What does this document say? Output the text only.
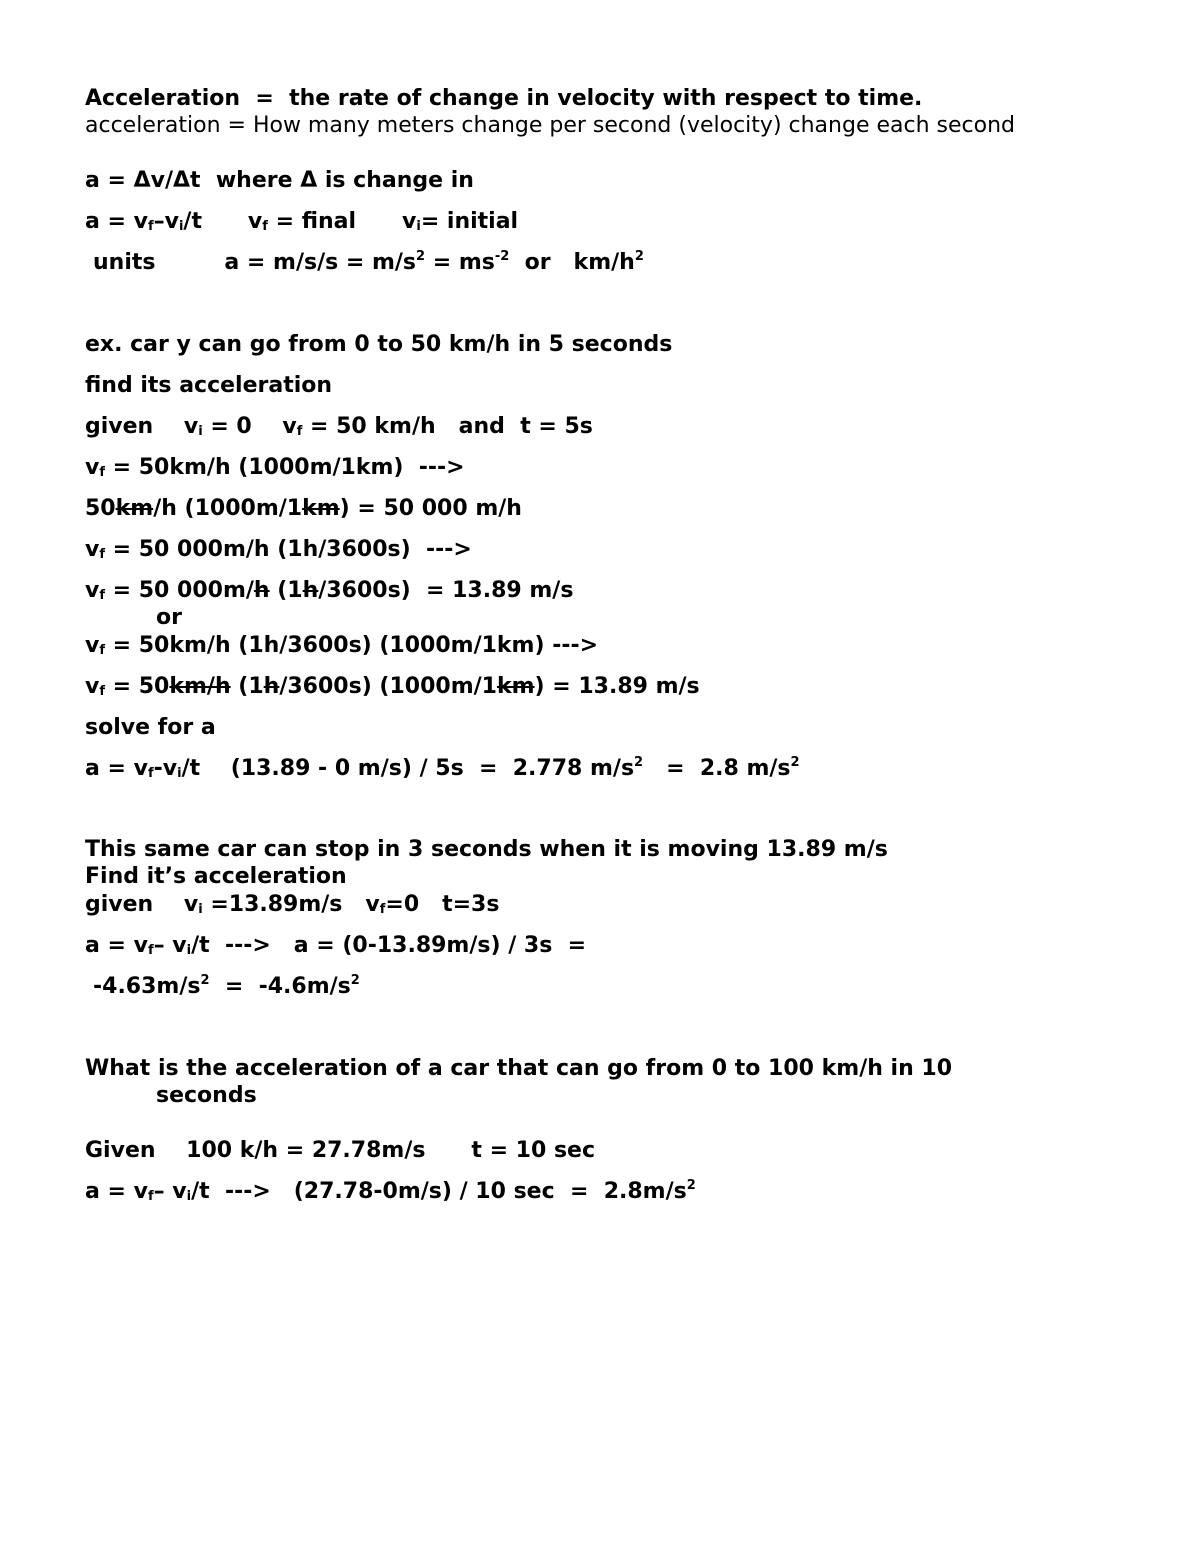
Acceleration  =  the rate of change in velocity with respect to time.
acceleration = How many meters change per second (velocity) change each second
a = Δv/Δt  where Δ is change in
$a = v_f-v_i/t$      $v_f$ = final      $v_i=$ initial
units         $a = m/s/s = m/s^2 = ms^{-2}$  or   $km/h^2$
ex. car y can go from 0 to 50 km/h in 5 seconds
find its acceleration
given    $v_i = 0$    $v_f = 50$ km/h   and  t = 5s
$v_f = 50km/h$ (1000m/1km)  --->
50km/h (1000m/1km) = 50 000 m/h
$v_f = 50$ 000m/h (1h/3600s)  --->
$v_f = 50$ 000m/h (1h/3600s)  = 13.89 m/s
or
$v_f = 50km/h$ (1h/3600s) (1000m/1km) --->
$v_f = 50km/h$ (1h/3600s) (1000m/1km) = 13.89 m/s
solve for a
$a = v_f-v_i/t$    (13.89 - 0 m/s) / 5s  =  2.778 $m/s^2 = 2.8$ $m/s^2$
This same car can stop in 3 seconds when it is moving 13.89 m/s
Find it’s acceleration
given    $v_i =13.89m/s$   $v_f=0$   t=3s
$a = v_f-$ $v_i/t$  --->   a = (0-13.89m/s) / 3s  =
$-4.63m/s^2 = -4.6m/s^2$
What is the acceleration of a car that can go from 0 to 100 km/h in 10
seconds
Given    100 k/h = 27.78m/s      t = 10 sec
$a = v_f-$ $v_i/t$  --->   (27.78-0m/s) / 10 $\sec = 2.8m/s^2$
